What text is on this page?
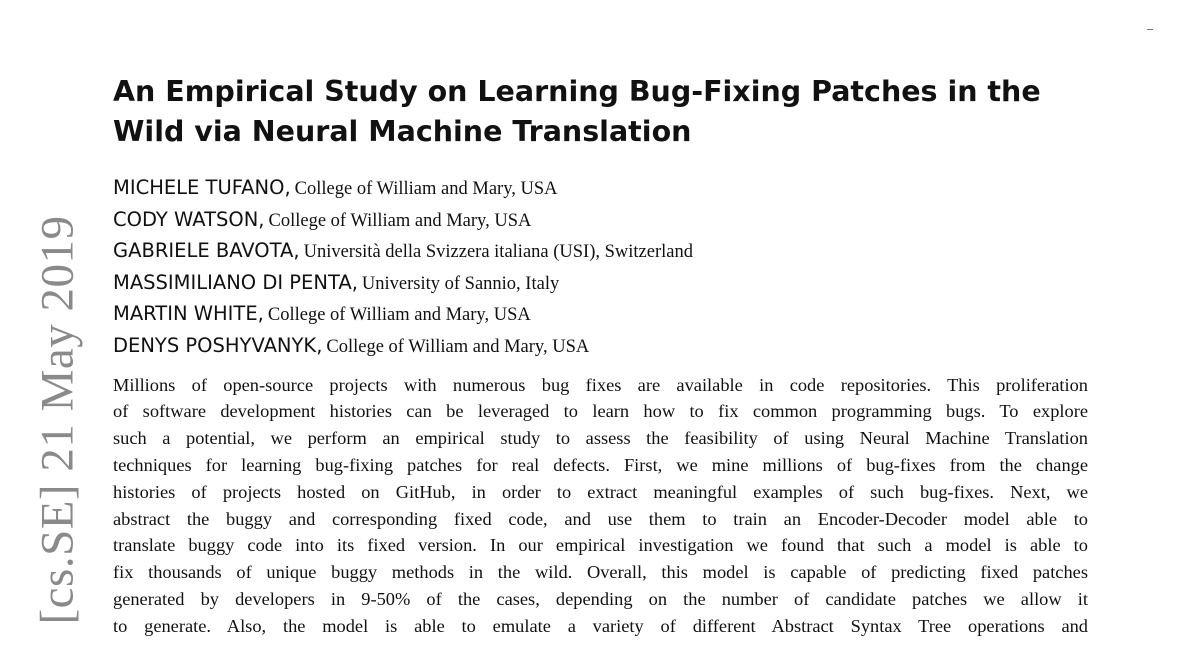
[cs.SE] 21 May 2019
An Empirical Study on Learning Bug-Fixing Patches in the
Wild via Neural Machine Translation
MICHELE TUFANO, College of William and Mary, USA
CODY WATSON, College of William and Mary, USA
GABRIELE BAVOTA, Università della Svizzera italiana (USI), Switzerland
MASSIMILIANO DI PENTA, University of Sannio, Italy
MARTIN WHITE, College of William and Mary, USA
DENYS POSHYVANYK, College of William and Mary, USA
Millions of open-source projects with numerous bug fixes are available in code repositories. This proliferation
of software development histories can be leveraged to learn how to fix common programming bugs. To explore
such a potential, we perform an empirical study to assess the feasibility of using Neural Machine Translation
techniques for learning bug-fixing patches for real defects. First, we mine millions of bug-fixes from the change
histories of projects hosted on GitHub, in order to extract meaningful examples of such bug-fixes. Next, we
abstract the buggy and corresponding fixed code, and use them to train an Encoder-Decoder model able to
translate buggy code into its fixed version. In our empirical investigation we found that such a model is able to
fix thousands of unique buggy methods in the wild. Overall, this model is capable of predicting fixed patches
generated by developers in 9-50% of the cases, depending on the number of candidate patches we allow it
to generate. Also, the model is able to emulate a variety of different Abstract Syntax Tree operations and
